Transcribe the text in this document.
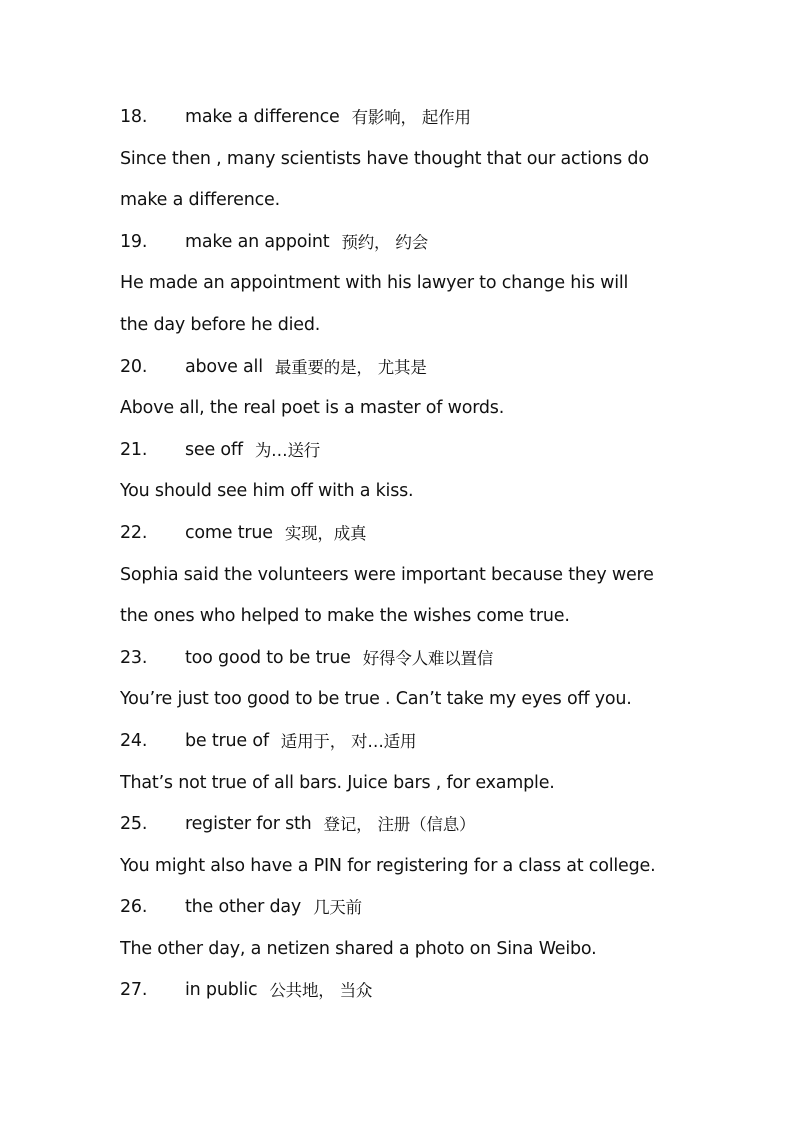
18.	make a difference 有影响， 起作用
Since then , many scientists have thought that our actions do
make a difference.
19.	make an appoint 预约， 约会
He made an appointment with his lawyer to change his will
the day before he died.
20.	above all 最重要的是， 尤其是
Above all, the real poet is a master of words.
21.	see off 为…送行
You should see him off with a kiss.
22.	come true 实现，成真
Sophia said the volunteers were important because they were
the ones who helped to make the wishes come true.
23.	too good to be true 好得令人难以置信
You’re just too good to be true . Can’t take my eyes off you.
24.	be true of 适用于， 对…适用
That’s not true of all bars. Juice bars , for example.
25.	register for sth 登记， 注册（信息）
You might also have a PIN for registering for a class at college.
26.	the other day 几天前
The other day, a netizen shared a photo on Sina Weibo.
27.	in public 公共地， 当众
